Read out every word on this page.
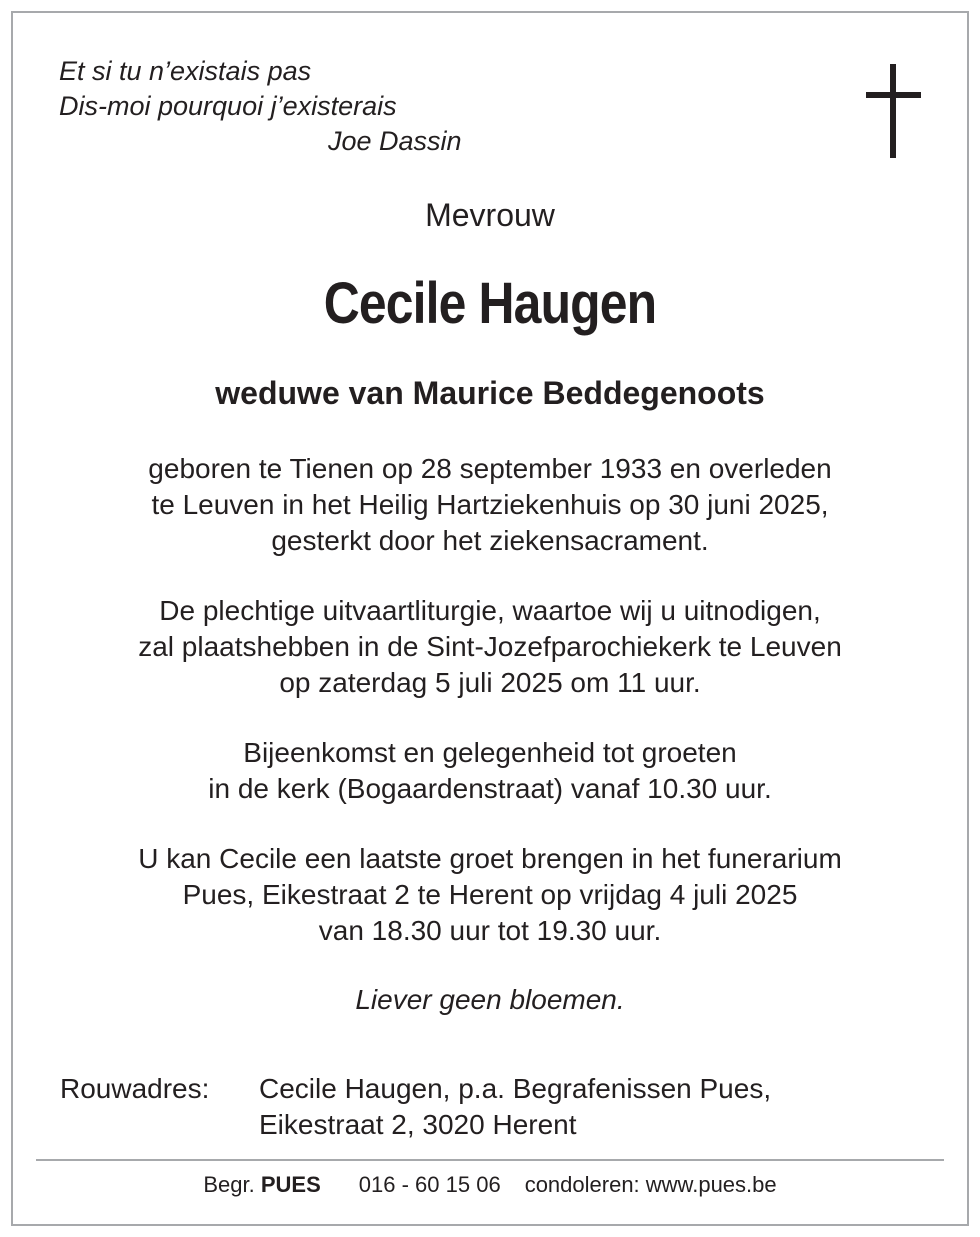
Et si tu n’existais pas
Dis-moi pourquoi j’existerais
Joe Dassin
Mevrouw
Cecile Haugen
weduwe van Maurice Beddegenoots
geboren te Tienen op 28 september 1933 en overleden
te Leuven in het Heilig Hartziekenhuis op 30 juni 2025,
gesterkt door het ziekensacrament.
De plechtige uitvaartliturgie, waartoe wij u uitnodigen,
zal plaatshebben in de Sint-Jozefparochiekerk te Leuven
op zaterdag 5 juli 2025 om 11 uur.
Bijeenkomst en gelegenheid tot groeten
in de kerk (Bogaardenstraat) vanaf 10.30 uur.
U kan Cecile een laatste groet brengen in het funerarium
Pues, Eikestraat 2 te Herent op vrijdag 4 juli 2025
van 18.30 uur tot 19.30 uur.
Liever geen bloemen.
Rouwadres: Cecile Haugen, p.a. Begrafenissen Pues,
Eikestraat 2, 3020 Herent
Begr. PUES 016 - 60 15 06 condoleren: www.pues.be
